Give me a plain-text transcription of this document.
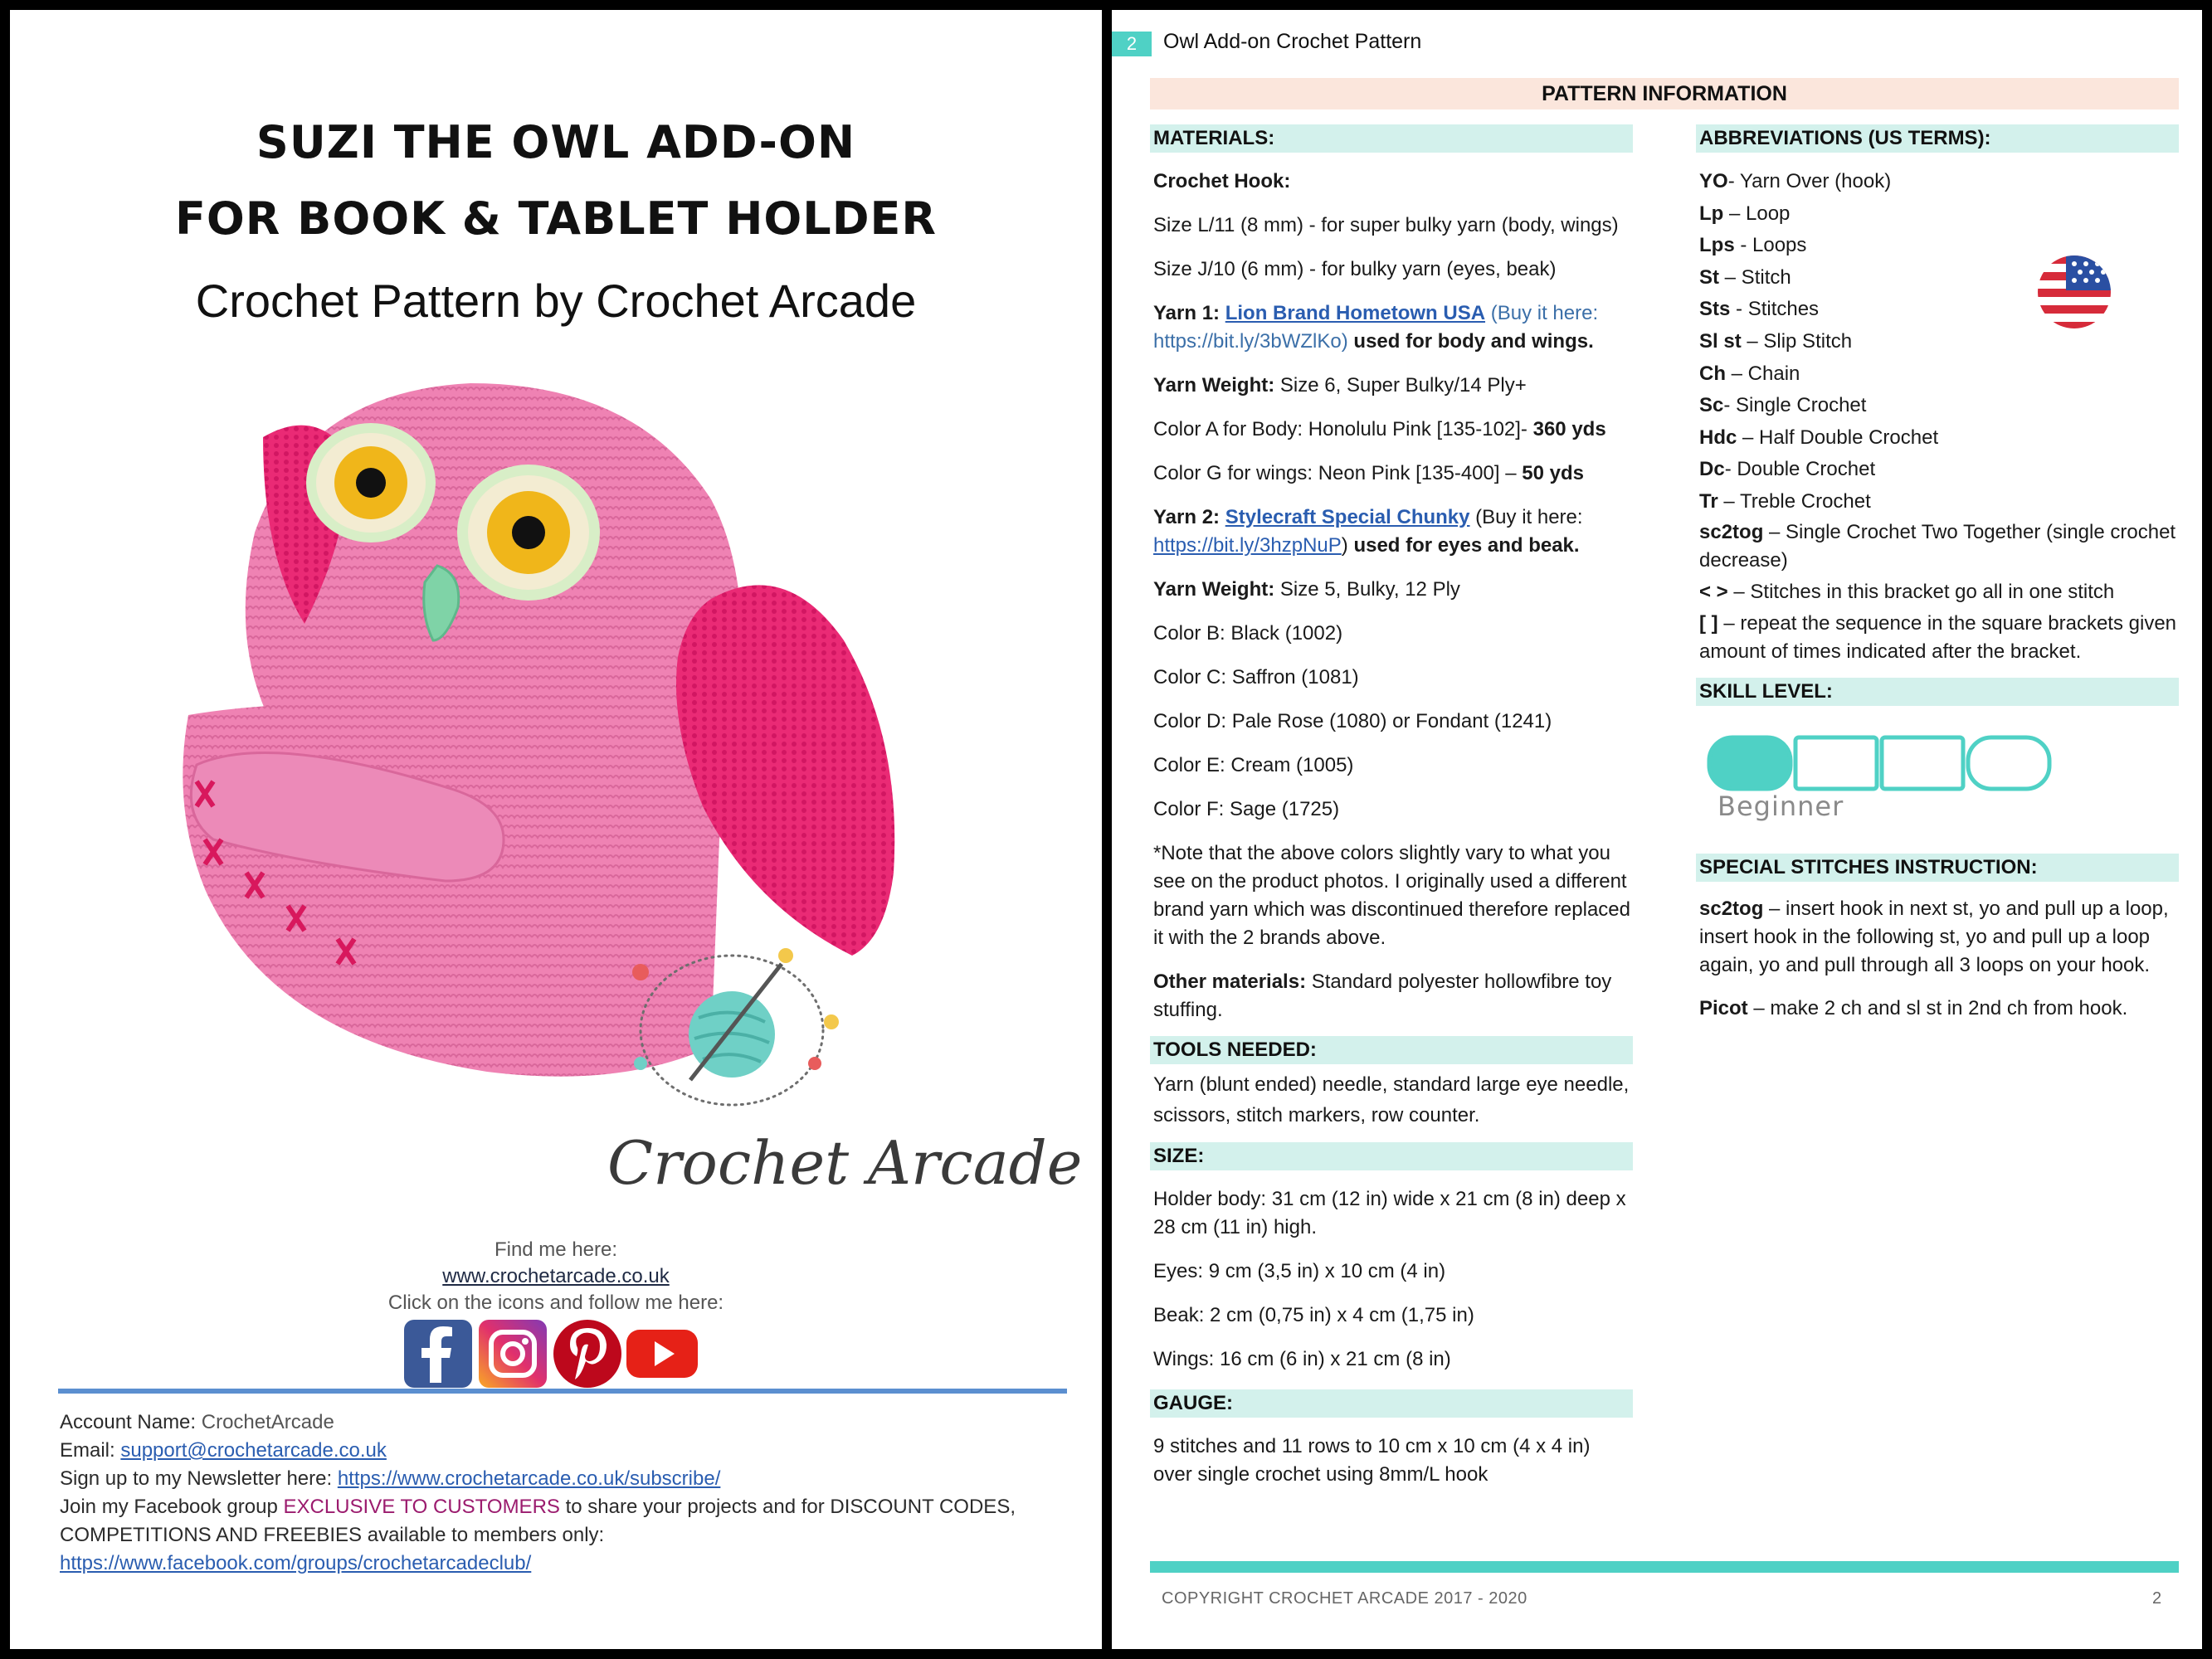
SUZI THE OWL ADD-ON
FOR BOOK & TABLET HOLDER
Crochet Pattern by Crochet Arcade
Crochet Arcade
Find me here:
www.crochetarcade.co.uk
Click on the icons and follow me here:
Account Name: CrochetArcade
Email: support@crochetarcade.co.uk
Sign up to my Newsletter here: https://www.crochetarcade.co.uk/subscribe/
Join my Facebook group EXCLUSIVE TO CUSTOMERS to share your projects and for DISCOUNT CODES,
COMPETITIONS AND FREEBIES available to members only: https://www.facebook.com/groups/crochetarcadeclub/
2	Owl Add-on Crochet Pattern
PATTERN INFORMATION
MATERIALS:
Crochet Hook:
Size L/11 (8 mm) - for super bulky yarn (body, wings)
Size J/10 (6 mm) - for bulky yarn (eyes, beak)
Yarn 1: Lion Brand Hometown USA (Buy it here: https://bit.ly/3bWZlKo) used for body and wings.
Yarn Weight: Size 6, Super Bulky/14 Ply+
Color A for Body: Honolulu Pink [135-102]- 360 yds
Color G for wings: Neon Pink [135-400] – 50 yds
Yarn 2: Stylecraft Special Chunky (Buy it here: https://bit.ly/3hzpNuP) used for eyes and beak.
Yarn Weight: Size 5, Bulky, 12 Ply
Color B: Black (1002)
Color C: Saffron (1081)
Color D: Pale Rose (1080) or Fondant (1241)
Color E: Cream (1005)
Color F: Sage (1725)
*Note that the above colors slightly vary to what you see on the product photos. I originally used a different brand yarn which was discontinued therefore replaced it with the 2 brands above.
Other materials: Standard polyester hollowfibre toy stuffing.
TOOLS NEEDED:
Yarn (blunt ended) needle, standard large eye needle, scissors, stitch markers, row counter.
SIZE:
Holder body: 31 cm (12 in) wide x 21 cm (8 in) deep x 28 cm (11 in) high.
Eyes: 9 cm (3,5 in) x 10 cm (4 in)
Beak: 2 cm (0,75 in) x 4 cm (1,75 in)
Wings: 16 cm (6 in) x 21 cm (8 in)
GAUGE:
9 stitches and 11 rows to 10 cm x 10 cm (4 x 4 in) over single crochet using 8mm/L hook
ABBREVIATIONS (US TERMS):
YO- Yarn Over (hook)
Lp – Loop
Lps - Loops
St – Stitch
Sts - Stitches
Sl st – Slip Stitch
Ch – Chain
Sc- Single Crochet
Hdc – Half Double Crochet
Dc- Double Crochet
Tr – Treble Crochet
sc2tog – Single Crochet Two Together (single crochet decrease)
< > – Stitches in this bracket go all in one stitch
[ ] – repeat the sequence in the square brackets given amount of times indicated after the bracket.
SKILL LEVEL:
Beginner
SPECIAL STITCHES INSTRUCTION:
sc2tog – insert hook in next st, yo and pull up a loop, insert hook in the following st, yo and pull up a loop again, yo and pull through all 3 loops on your hook.
Picot – make 2 ch and sl st in 2nd ch from hook.
COPYRIGHT CROCHET ARCADE 2017 - 2020	2
